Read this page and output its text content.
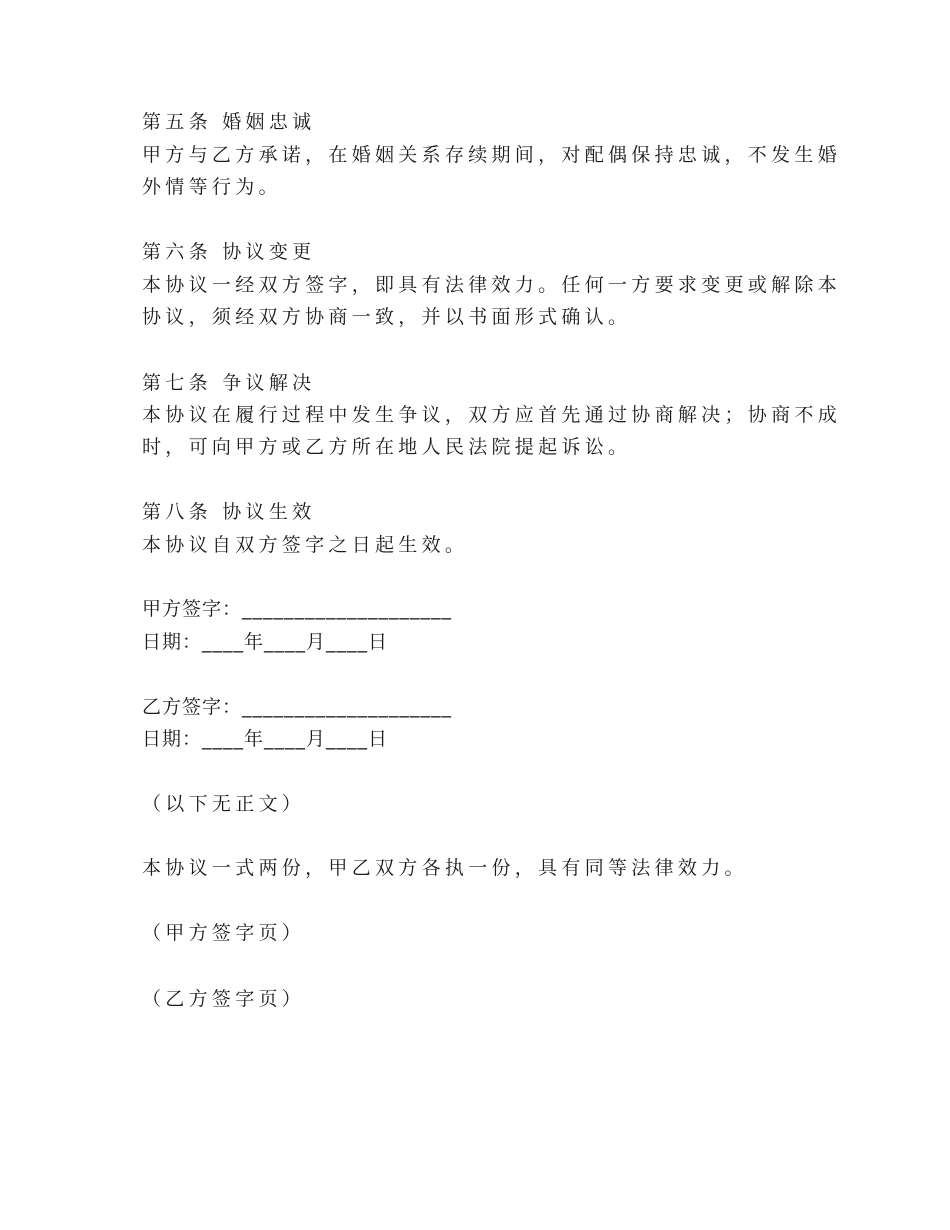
第五条 婚姻忠诚
甲方与乙方承诺，在婚姻关系存续期间，对配偶保持忠诚，不发生婚
外情等行为。
第六条 协议变更
本协议一经双方签字，即具有法律效力。任何一方要求变更或解除本
协议，须经双方协商一致，并以书面形式确认。
第七条 争议解决
本协议在履行过程中发生争议，双方应首先通过协商解决；协商不成
时，可向甲方或乙方所在地人民法院提起诉讼。
第八条 协议生效
本协议自双方签字之日起生效。
甲方签字：____________________
日期：____年____月____日
乙方签字：____________________
日期：____年____月____日
（以下无正文）
本协议一式两份，甲乙双方各执一份，具有同等法律效力。
（甲方签字页）
（乙方签字页）
